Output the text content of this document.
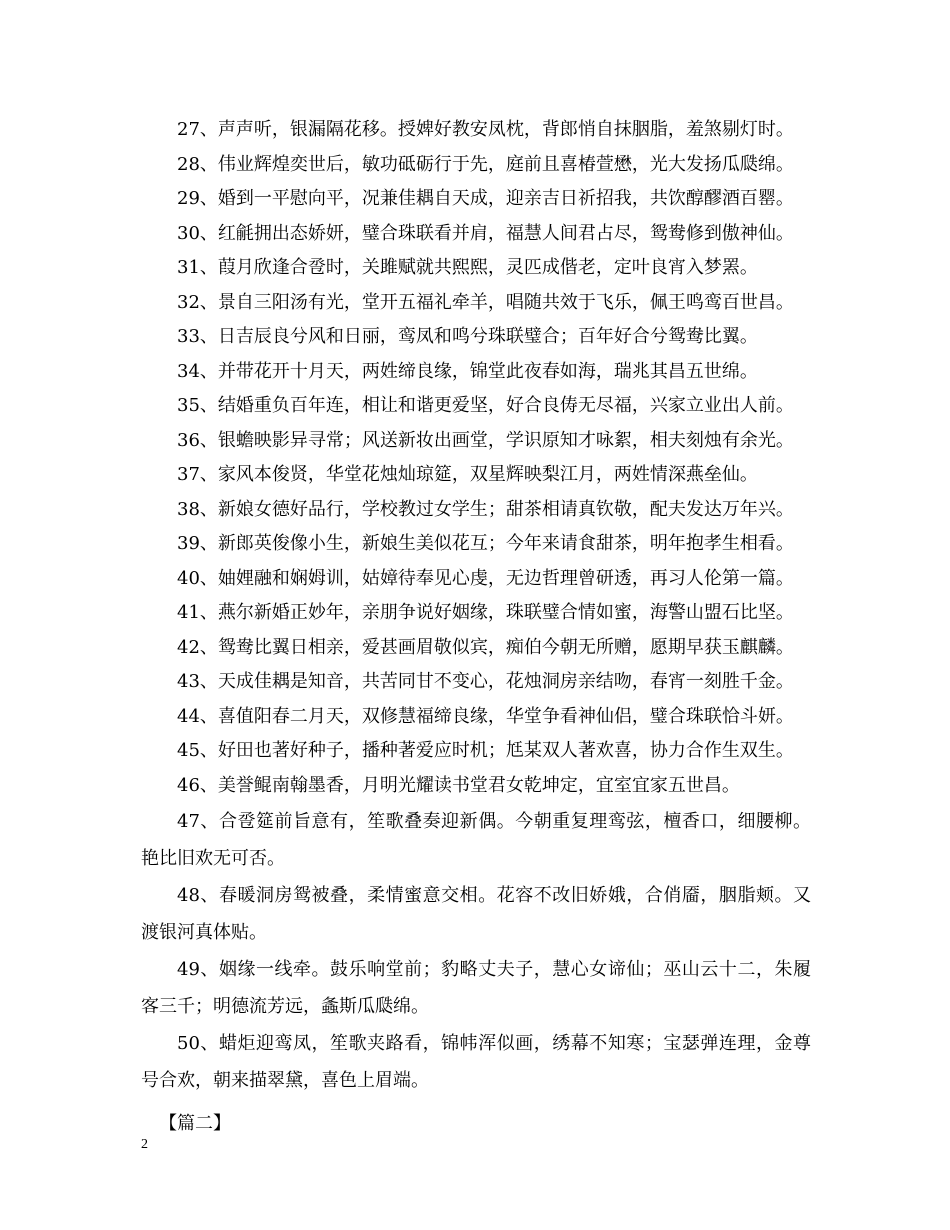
27、声声听，银漏隔花移。授婢好教安凤枕，背郎悄自抹胭脂，羞煞剔灯时。

28、伟业辉煌奕世后，敏功砥砺行于先，庭前且喜椿萱懋，光大发扬瓜瓞绵。

29、婚到一平慰向平，况兼佳耦自天成，迎亲吉日祈招我，共饮醇醪酒百罂。

30、红毹拥出态娇妍，璧合珠联看并肩，福慧人间君占尽，鸳鸯修到傲神仙。

31、葭月欣逢合卺时，关雎赋就共熙熙，灵匹成偕老，定叶良宵入梦罴。

32、景自三阳汤有光，堂开五福礼牵羊，唱随共效于飞乐，佩王鸣鸾百世昌。

33、日吉辰良兮风和日丽，鸾凤和鸣兮珠联璧合；百年好合兮鸳鸯比翼。

34、并带花开十月天，两姓缔良缘，锦堂此夜春如海，瑞兆其昌五世绵。

35、结婚重负百年连，相让和谐更爱坚，好合良俦无尽福，兴家立业出人前。

36、银蟾映影异寻常；风送新妆出画堂，学识原知才咏絮，相夫刻烛有余光。

37、家风本俊贤，华堂花烛灿琼筵，双星辉映梨江月，两姓情深燕垒仙。

38、新娘女德好品行，学校教过女学生；甜茶相请真钦敬，配夫发达万年兴。

39、新郎英俊像小生，新娘生美似花互；今年来请食甜茶，明年抱孝生相看。

40、妯娌融和娴姆训，姑嫜待奉见心虔，无边哲理曾研透，再习人伦第一篇。

41、燕尔新婚正妙年，亲朋争说好姻缘，珠联璧合情如蜜，海警山盟石比坚。

42、鸳鸯比翼日相亲，爱甚画眉敬似宾，痴伯今朝无所赠，愿期早获玉麒麟。

43、天成佳耦是知音，共苦同甘不变心，花烛洞房亲结吻，春宵一刻胜千金。

44、喜值阳春二月天，双修慧福缔良缘，华堂争看神仙侣，璧合珠联恰斗妍。

45、好田也著好种子，播种著爱应时机；尪某双人著欢喜，协力合作生双生。

46、美誉鲲南翰墨香，月明光耀读书堂君女乾坤定，宜室宜家五世昌。

47、合卺筵前旨意有，笙歌叠奏迎新偶。今朝重复理鸾弦，檀香口，细腰柳。艳比旧欢无可否。

48、春暖洞房鸳被叠，柔情蜜意交相。花容不改旧娇娥，合俏靥，胭脂颊。又渡银河真体贴。

49、姻缘一线牵。鼓乐响堂前；豹略丈夫子，慧心女谛仙；巫山云十二，朱履客三千；明德流芳远，螽斯瓜瓞绵。

50、蜡炬迎鸾凤，笙歌夹路看，锦帏浑似画，绣幕不知寒；宝瑟弹连理，金尊号合欢，朝来描翠黛，喜色上眉端。

【篇二】

2
